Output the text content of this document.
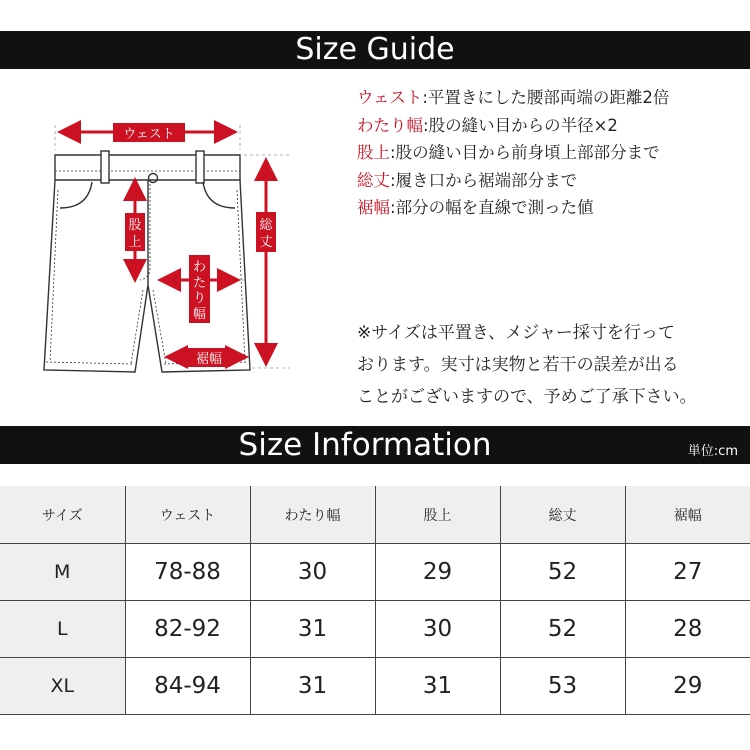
Size Guide
ウェスト
股
上
わ
た
り
幅
裾幅
総
丈
ウェスト:平置きにした腰部両端の距離2倍
わたり幅:股の縫い目からの半径×2
股上:股の縫い目から前身頃上部部分まで
総丈:履き口から裾端部分まで
裾幅:部分の幅を直線で測った値
※サイズは平置き、メジャー採寸を行って
おります。実寸は実物と若干の誤差が出る
ことがございますので、予めご了承下さい。
Size Information	単位:cm
サイズ	ウェスト	わたり幅	股上	総丈	裾幅
M	78-88	30	29	52	27
L	82-92	31	30	52	28
XL	84-94	31	31	53	29
